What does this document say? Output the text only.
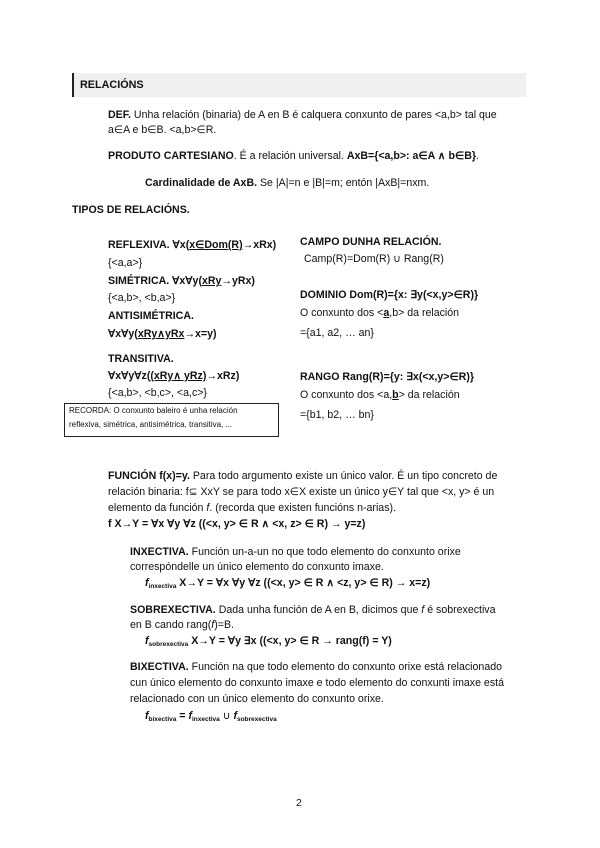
RELACIÓNS
DEF. Unha relación (binaria) de A en B é calquera conxunto de pares <a,b> tal que
a∈A e b∈B. <a,b>∈R.
PRODUTO CARTESIANO. É a relación universal. AxB={<a,b>: a∈A ∧ b∈B}.
Cardinalidade de AxB. Se |A|=n e |B|=m; entón |AxB|=nxm.
TIPOS DE RELACIÓNS.
REFLEXIVA. ∀x(x∈Dom(R)→xRx)
{<a,a>}
SIMÉTRICA. ∀x∀y(xRy→yRx)
{<a,b>, <b,a>}
ANTISIMÉTRICA.
∀x∀y(xRy∧yRx→x=y)
TRANSITIVA.
∀x∀y∀z((xRy∧ yRz)→xRz)
{<a,b>, <b,c>, <a,c>}
RECORDA: O conxunto baleiro é unha relación
reflexiva, simétrica, antisimétrica, transitiva, ...
CAMPO DUNHA RELACIÓN.
Camp(R)=Dom(R) ∪ Rang(R)
DOMINIO Dom(R)={x: ∃y(<x,y>∈R)}
O conxunto dos <a,b> da relación
={a1, a2, … an}
RANGO Rang(R)={y: ∃x(<x,y>∈R)}
O conxunto dos <a,b> da relación
={b1, b2, … bn}
FUNCIÓN f(x)=y. Para todo argumento existe un único valor. É un tipo concreto de
relación binaria: f⊆ XxY se para todo x∈X existe un único y∈Y tal que <x, y> é un
elemento da función f. (recorda que existen funcións n-arias).
f X→Y = ∀x ∀y ∀z ((<x, y> ∈ R ∧ <x, z> ∈ R) → y=z)
INXECTIVA. Función un-a-un no que todo elemento do conxunto orixe
correspóndelle un único elemento do conxunto imaxe.
$f_{inxectiva}$ X→Y = ∀x ∀y ∀z ((<x, y> ∈ R ∧ <z, y> ∈ R) → x=z)
SOBREXECTIVA. Dada unha función de A en B, dicimos que f é sobrexectiva
en B cando rang(f)=B.
$f_{sobrexectiva}$ X→Y = ∀y ∃x ((<x, y> ∈ R → rang(f) = Y)
BIXECTIVA. Función na que todo elemento do conxunto orixe está relacionado
cun único elemento do conxunto imaxe e todo elemento do conxunti imaxe está
relacionado con un único elemento do conxunto orixe.
$f_{bixectiva} = f_{inxectiva}$ ∪ $f_{sobrexectiva}$
2
